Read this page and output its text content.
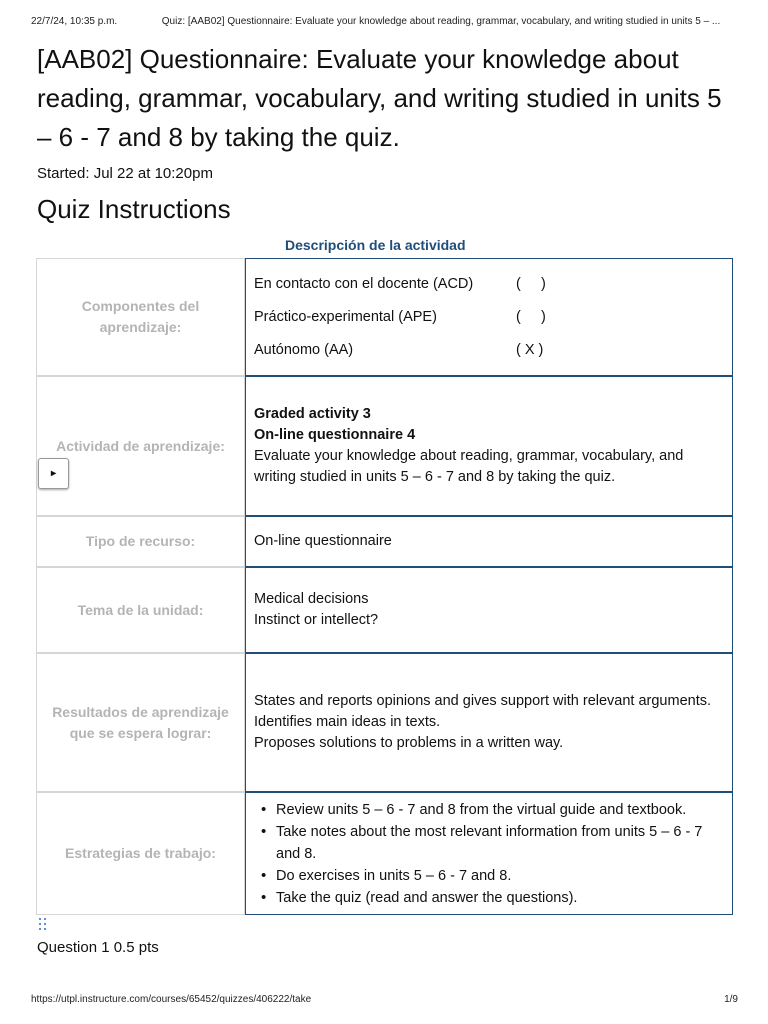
22/7/24, 10:35 p.m.	Quiz: [AAB02] Questionnaire: Evaluate your knowledge about reading, grammar, vocabulary, and writing studied in units 5 – ...
[AAB02] Questionnaire: Evaluate your knowledge about reading, grammar, vocabulary, and writing studied in units 5 – 6 - 7 and 8 by taking the quiz.
Started: Jul 22 at 10:20pm
Quiz Instructions
Descripción de la actividad
Componentes del aprendizaje:
En contacto con el docente (ACD)	(     )
Práctico-experimental (APE)	(     )
Autónomo (AA)	( X )
Actividad de aprendizaje:
▸

Graded activity 3

On-line questionnaire 4

Evaluate your knowledge about reading, grammar, vocabulary, and writing studied in units 5 – 6 - 7 and 8 by taking the quiz.

Tipo de recurso:	On-line questionnaire

Tema de la unidad:

Medical decisions

Instinct or intellect?

Resultados de aprendizaje que se espera lograr:

States and reports opinions and gives support with relevant arguments.

Identifies main ideas in texts.

Proposes solutions to problems in a written way.

Estrategias de trabajo:
• Review units 5 – 6 - 7 and 8 from the virtual guide and textbook.
• Take notes about the most relevant information from units 5 – 6 - 7 and 8.
• Do exercises in units 5 – 6 - 7 and 8.
• Take the quiz (read and answer the questions).
Question 1 0.5 pts
https://utpl.instructure.com/courses/65452/quizzes/406222/take	1/9
